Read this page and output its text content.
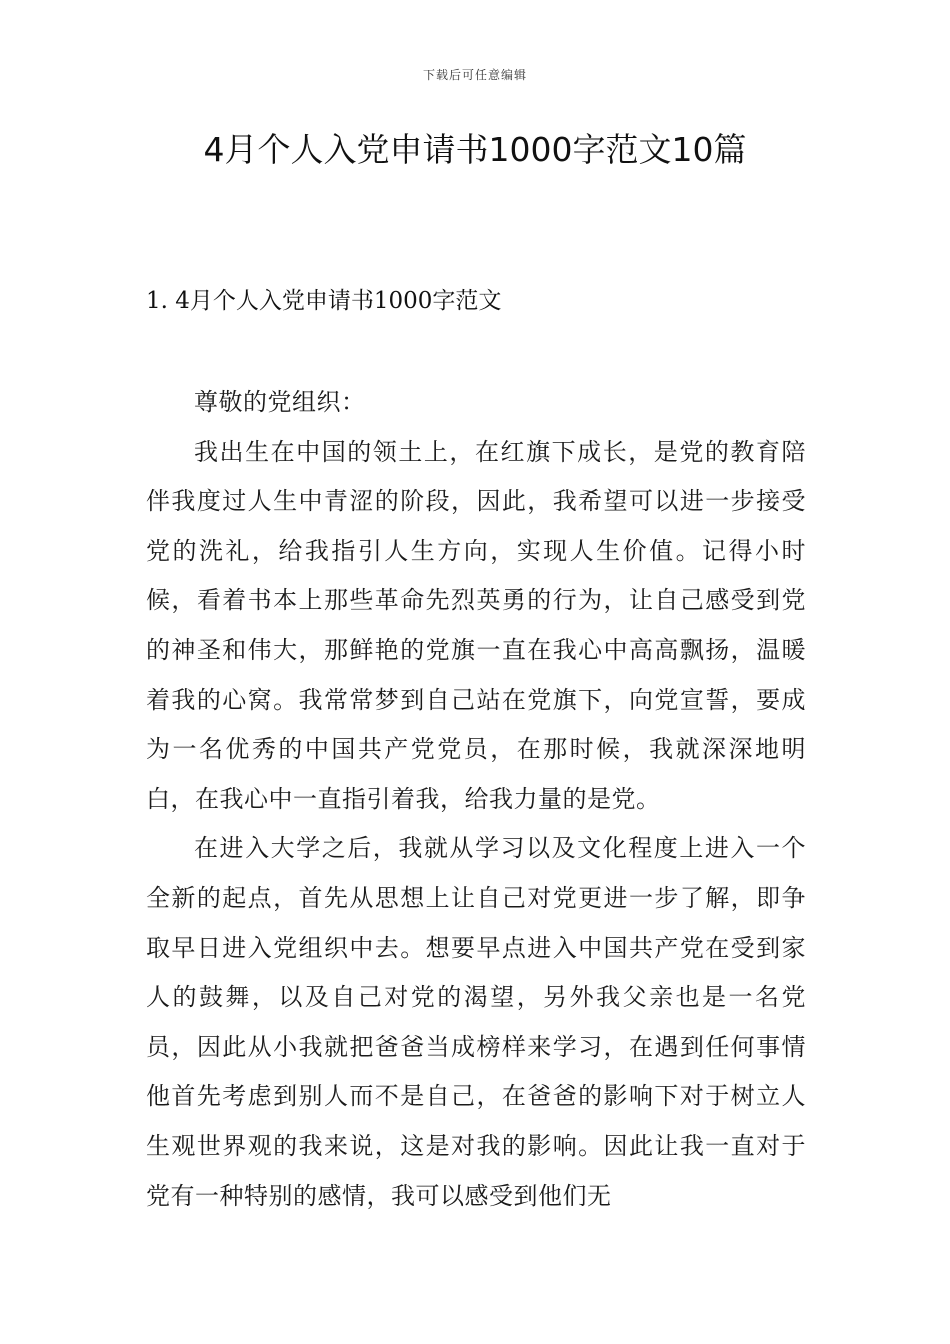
下载后可任意编辑
4月个人入党申请书1000字范文10篇
1. 4月个人入党申请书1000字范文

尊敬的党组织：

我出生在中国的领土上，在红旗下成长，是党的教育陪伴我度过人生中青涩的阶段，因此，我希望可以进一步接受党的洗礼，给我指引人生方向，实现人生价值。记得小时候，看着书本上那些革命先烈英勇的行为，让自己感受到党的神圣和伟大，那鲜艳的党旗一直在我心中高高飘扬，温暖着我的心窝。我常常梦到自己站在党旗下，向党宣誓，要成为一名优秀的中国共产党党员，在那时候，我就深深地明白，在我心中一直指引着我，给我力量的是党。

在进入大学之后，我就从学习以及文化程度上进入一个全新的起点，首先从思想上让自己对党更进一步了解，即争取早日进入党组织中去。想要早点进入中国共产党在受到家人的鼓舞，以及自己对党的渴望，另外我父亲也是一名党员，因此从小我就把爸爸当成榜样来学习，在遇到任何事情他首先考虑到别人而不是自己，在爸爸的影响下对于树立人生观世界观的我来说，这是对我的影响。因此让我一直对于党有一种特别的感情，我可以感受到他们无
